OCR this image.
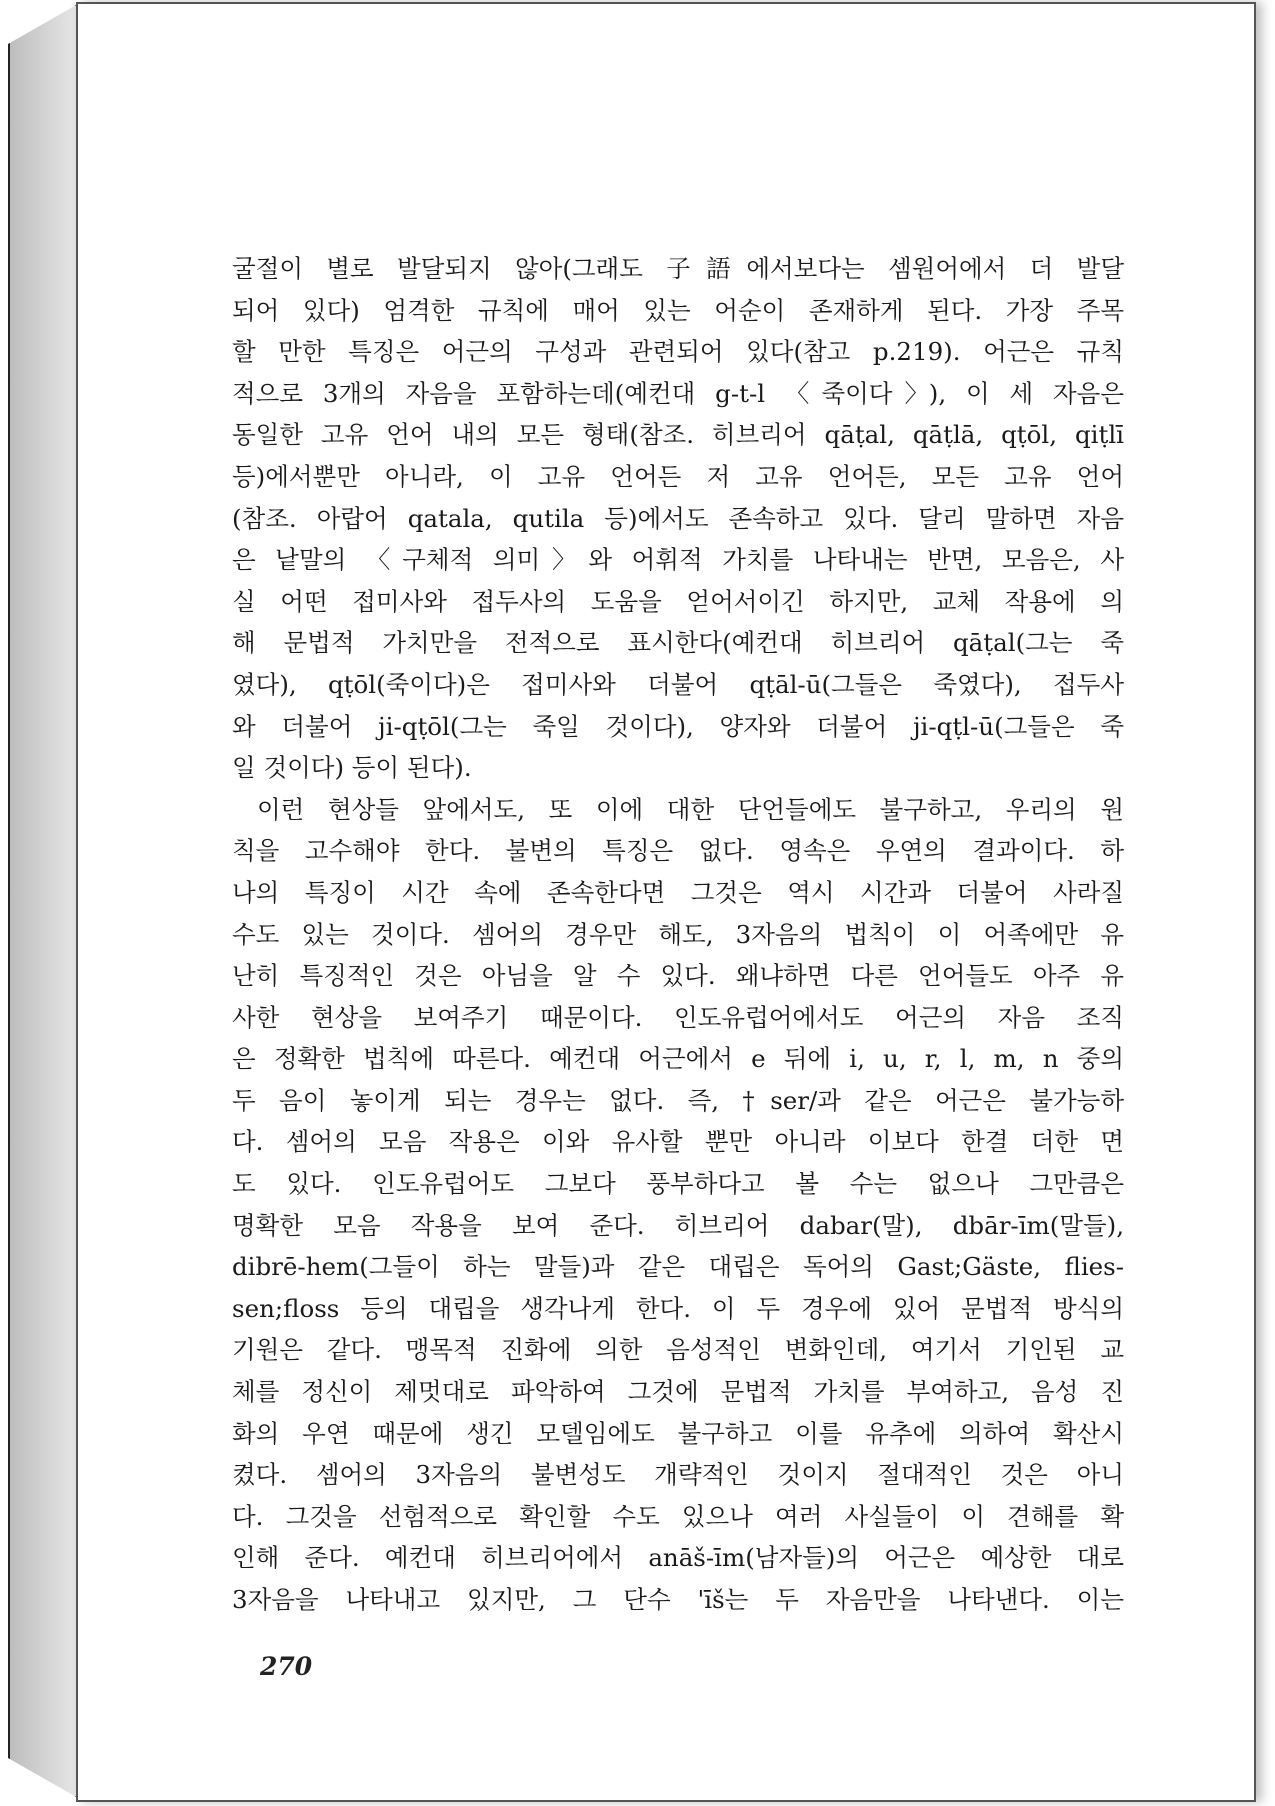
굴절이 별로 발달되지 않아(그래도 子語에서보다는 셈원어에서 더 발달
되어 있다) 엄격한 규칙에 매어 있는 어순이 존재하게 된다. 가장 주목
할 만한 특징은 어근의 구성과 관련되어 있다(참고 p.219). 어근은 규칙
적으로 3개의 자음을 포함하는데(예컨대 g-t-l 〈죽이다〉), 이 세 자음은
동일한 고유 언어 내의 모든 형태(참조. 히브리어 qāṭal, qāṭlā, qṭōl, qiṭlī
등)에서뿐만 아니라, 이 고유 언어든 저 고유 언어든, 모든 고유 언어
(참조. 아랍어 qatala, qutila 등)에서도 존속하고 있다. 달리 말하면 자음
은 낱말의 〈구체적 의미〉와 어휘적 가치를 나타내는 반면, 모음은, 사
실 어떤 접미사와 접두사의 도움을 얻어서이긴 하지만, 교체 작용에 의
해 문법적 가치만을 전적으로 표시한다(예컨대 히브리어 qāṭal(그는 죽
였다), qṭōl(죽이다)은 접미사와 더불어 qṭāl-ū(그들은 죽였다), 접두사
와 더불어 ji-qṭōl(그는 죽일 것이다), 양자와 더불어 ji-qṭl-ū(그들은 죽
일 것이다) 등이 된다).
이런 현상들 앞에서도, 또 이에 대한 단언들에도 불구하고, 우리의 원
칙을 고수해야 한다. 불변의 특징은 없다. 영속은 우연의 결과이다. 하
나의 특징이 시간 속에 존속한다면 그것은 역시 시간과 더불어 사라질
수도 있는 것이다. 셈어의 경우만 해도, 3자음의 법칙이 이 어족에만 유
난히 특징적인 것은 아님을 알 수 있다. 왜냐하면 다른 언어들도 아주 유
사한 현상을 보여주기 때문이다. 인도유럽어에서도 어근의 자음 조직
은 정확한 법칙에 따른다. 예컨대 어근에서 e 뒤에 i, u, r, l, m, n 중의
두 음이 놓이게 되는 경우는 없다. 즉, †ser/과 같은 어근은 불가능하
다. 셈어의 모음 작용은 이와 유사할 뿐만 아니라 이보다 한결 더한 면
도 있다. 인도유럽어도 그보다 풍부하다고 볼 수는 없으나 그만큼은
명확한 모음 작용을 보여 준다. 히브리어 dabar(말), dbār-īm(말들),
dibrē-hem(그들이 하는 말들)과 같은 대립은 독어의 Gast;Gäste, flies-
sen;floss 등의 대립을 생각나게 한다. 이 두 경우에 있어 문법적 방식의
기원은 같다. 맹목적 진화에 의한 음성적인 변화인데, 여기서 기인된 교
체를 정신이 제멋대로 파악하여 그것에 문법적 가치를 부여하고, 음성 진
화의 우연 때문에 생긴 모델임에도 불구하고 이를 유추에 의하여 확산시
켰다. 셈어의 3자음의 불변성도 개략적인 것이지 절대적인 것은 아니
다. 그것을 선험적으로 확인할 수도 있으나 여러 사실들이 이 견해를 확
인해 준다. 예컨대 히브리어에서 anāš-īm(남자들)의 어근은 예상한 대로
3자음을 나타내고 있지만, 그 단수 'īš는 두 자음만을 나타낸다. 이는
270
